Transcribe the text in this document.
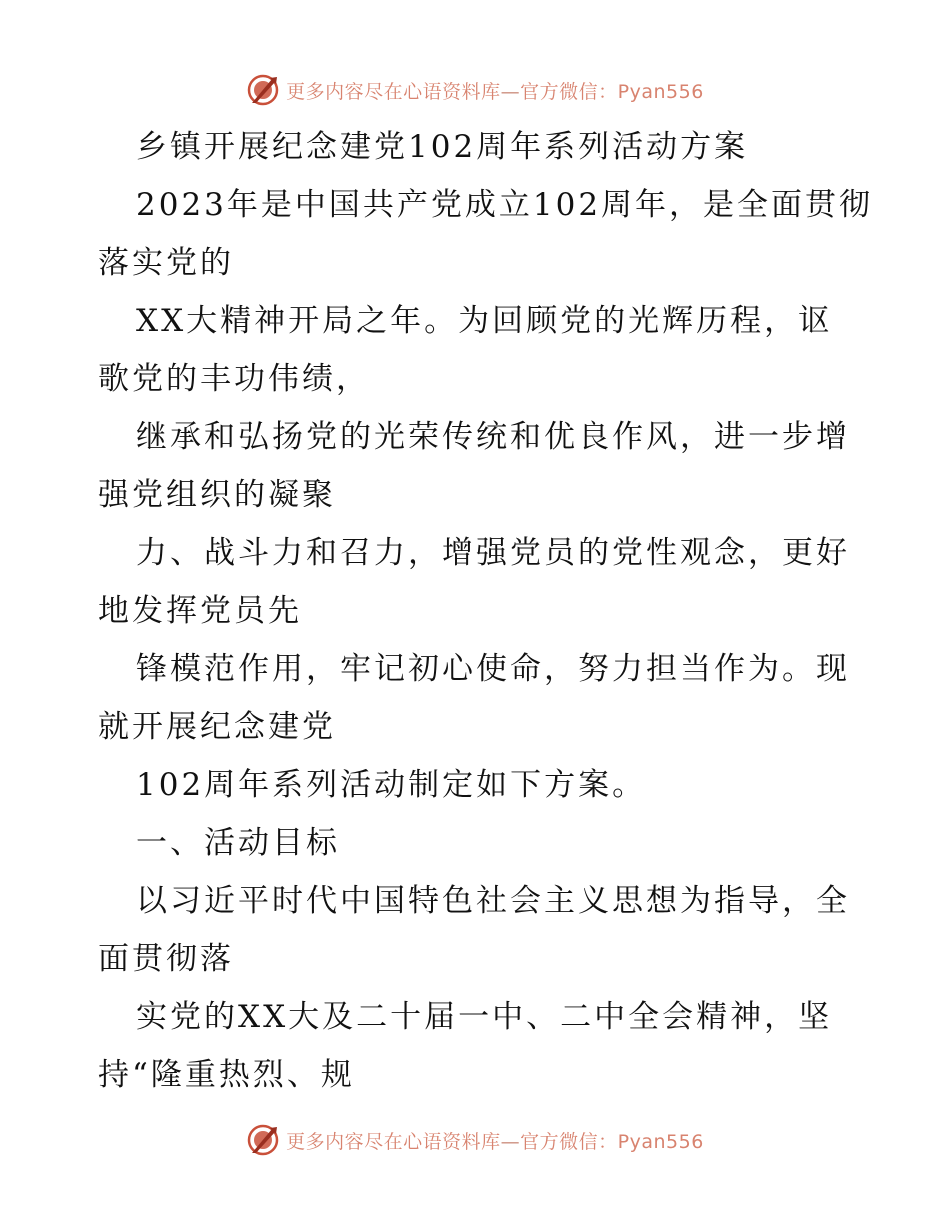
更多内容尽在心语资料库—官方微信：Pyan556
乡镇开展纪念建党102周年系列活动方案
2023年是中国共产党成立102周年，是全面贯彻
落实党的
XX大精神开局之年。为回顾党的光辉历程，讴
歌党的丰功伟绩，
继承和弘扬党的光荣传统和优良作风，进一步增
强党组织的凝聚
力、战斗力和召力，增强党员的党性观念，更好
地发挥党员先
锋模范作用，牢记初心使命，努力担当作为。现
就开展纪念建党
102周年系列活动制定如下方案。
一、活动目标
以习近平时代中国特色社会主义思想为指导，全
面贯彻落
实党的XX大及二十届一中、二中全会精神，坚
持“隆重热烈、规
更多内容尽在心语资料库—官方微信：Pyan556
